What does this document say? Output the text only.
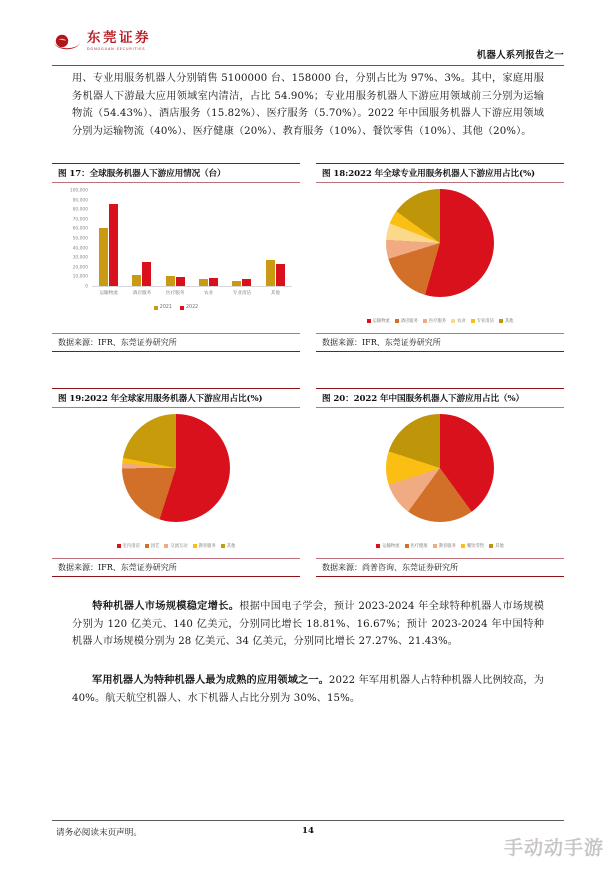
东莞证券
DONGGUAN SECURITIES
机器人系列报告之一
用、专业用服务机器人分别销售 5100000 台、158000 台，分别占比为 97%、3%。其中，家庭用服务机器人下游最大应用领域室内清洁，占比 54.90%；专业用服务机器人下游应用领域前三分别为运输物流（54.43%）、酒店服务（15.82%）、医疗服务（5.70%）。2022 年中国服务机器人下游应用领域分别为运输物流（40%）、医疗健康（20%）、教育服务（10%）、餐饮零售（10%）、其他（20%）。
图 17：全球服务机器人下游应用情况（台）
0
10,000
20,000
30,000
40,000
50,000
60,000
70,000
80,000
90,000
100,000
运输物流	酒店服务	医疗服务	农业	专业清洁	其他
2021	2022
数据来源：IFR、东莞证券研究所
图 18:2022 年全球专业用服务机器人下游应用占比(%)
运输物流	酒店服务	医疗服务	农业	专业清洁	其他
数据来源：IFR、东莞证券研究所
图 19:2022 年全球家用服务机器人下游应用占比(%)
室内清洁	园艺	交流互动	教育服务	其他
数据来源：IFR、东莞证券研究所
图 20：2022 年中国服务机器人下游应用占比（%）
运输物流	医疗健康	教育服务	餐饮零售	其他
数据来源：尚普咨询、东莞证券研究所
特种机器人市场规模稳定增长。根据中国电子学会，预计 2023-2024 年全球特种机器人市场规模分别为 120 亿美元、140 亿美元，分别同比增长 18.81%、16.67%；预计 2023-2024 年中国特种机器人市场规模分别为 28 亿美元、34 亿美元，分别同比增长 27.27%、21.43%。
军用机器人为特种机器人最为成熟的应用领域之一。2022 年军用机器人占特种机器人比例较高，为 40%。航天航空机器人、水下机器人占比分别为 30%、15%。
请务必阅读末页声明。	14
手动动手游
